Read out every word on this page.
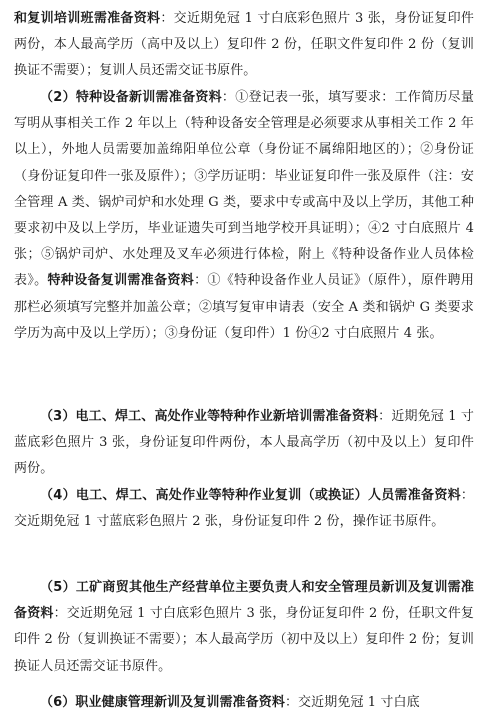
和复训培训班需准备资料：交近期免冠 1 寸白底彩色照片 3 张，身份证复印件两份，本人最高学历（高中及以上）复印件 2 份，任职文件复印件 2 份（复训换证不需要）；复训人员还需交证书原件。

（2）特种设备新训需准备资料：①登记表一张，填写要求：工作简历尽量写明从事相关工作 2 年以上（特种设备安全管理是必须要求从事相关工作 2 年以上），外地人员需要加盖绵阳单位公章（身份证不属绵阳地区的）；②身份证（身份证复印件一张及原件）；③学历证明：毕业证复印件一张及原件（注：安全管理 A 类、锅炉司炉和水处理 G 类，要求中专或高中及以上学历，其他工种要求初中及以上学历，毕业证遗失可到当地学校开具证明）；④2 寸白底照片 4 张；⑤锅炉司炉、水处理及叉车必须进行体检，附上《特种设备作业人员体检表》。特种设备复训需准备资料：①《特种设备作业人员证》（原件），原件聘用那栏必须填写完整并加盖公章；②填写复审申请表（安全 A 类和锅炉 G 类要求学历为高中及以上学历）；③身份证（复印件）1 份④2 寸白底照片 4 张。

（3）电工、焊工、高处作业等特种作业新培训需准备资料：近期免冠 1 寸蓝底彩色照片 3 张，身份证复印件两份，本人最高学历（初中及以上）复印件两份。

（4）电工、焊工、高处作业等特种作业复训（或换证）人员需准备资料：交近期免冠 1 寸蓝底彩色照片 2 张，身份证复印件 2 份，操作证书原件。

（5）工矿商贸其他生产经营单位主要负责人和安全管理员新训及复训需准备资料：交近期免冠 1 寸白底彩色照片 3 张，身份证复印件 2 份，任职文件复印件 2 份（复训换证不需要）；本人最高学历（初中及以上）复印件 2 份；复训换证人员还需交证书原件。

（6）职业健康管理新训及复训需准备资料：交近期免冠 1 寸白底
